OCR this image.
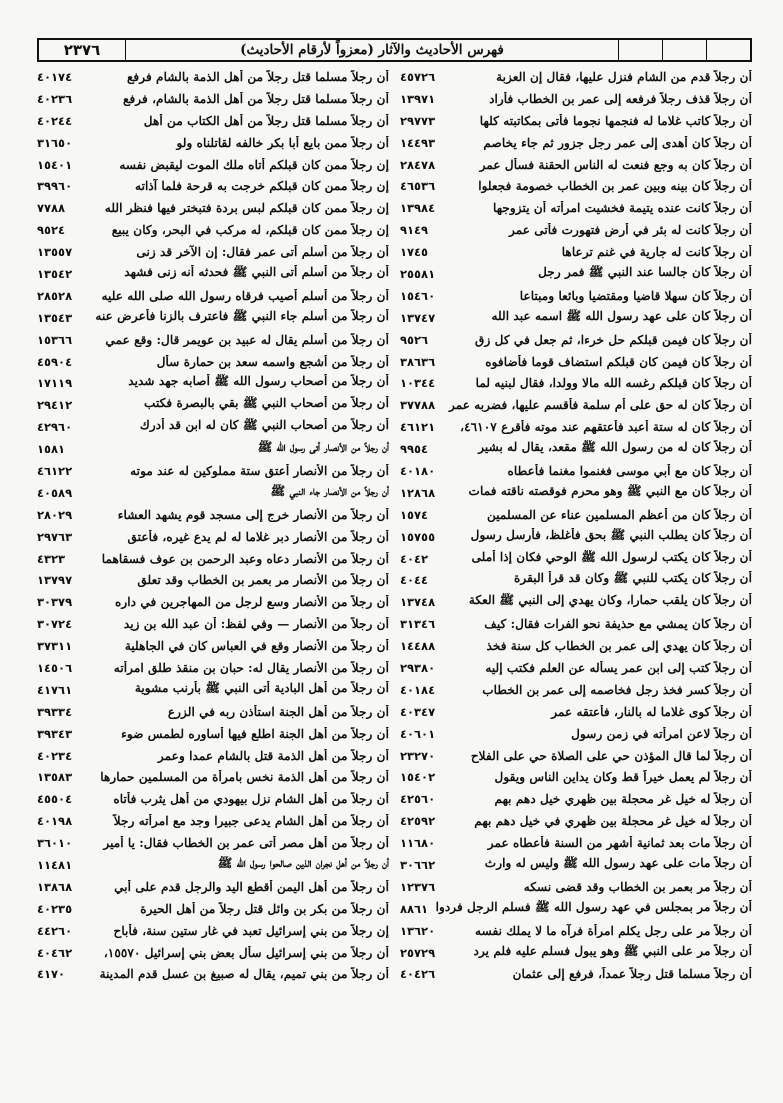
٢٣٧٦	فهرس الأحاديث والآثار (معزواً لأرقام الأحاديث)
أن رجلاً قدم من الشام فنزل عليها، فقال إن العزبة
٤٥٧٢٦
أن رجلاً قذف رجلاً فرفعه إلى عمر بن الخطاب فأراد
١٣٩٧١
أن رجلاً كاتب غلاما له فنجمها نجوما فأتى بمكاتبته كلها
٢٩٧٧٣
أن رجلاً كان أهدى إلى عمر رجل جزور ثم جاء يخاصم
١٤٤٩٣
أن رجلاً كان به وجع فنعت له الناس الحقنة فسأل عمر
٢٨٤٧٨
أن رجلاً كان بينه وبين عمر بن الخطاب خصومة فجعلوا
٤٦٥٣٦
أن رجلاً كانت عنده يتيمة فخشيت امرأته أن يتزوجها
١٣٩٨٤
أن رجلاً كانت له بئر في أرض فتهورت فأتى عمر
٩١٤٩
أن رجلاً كانت له جارية في غنم ترعاها
١٧٤٥
أن رجلاً كان جالسا عند النبي ﷺ فمر رجل
٢٥٥٨١
أن رجلاً كان سهلا قاضيا ومقتضيا وبائعا ومبتاعا
١٥٤٦٠
أن رجلاً كان على عهد رسول الله ﷺ اسمه عبد الله
١٣٧٤٧
أن رجلاً كان فيمن قبلكم حل خرءا، ثم جعل في كل زق
٩٥٢٦
أن رجلاً كان فيمن كان قبلكم استضاف قوما فأضافوه
٣٨٦٣٦
أن رجلاً كان قبلكم رغسه الله مالا وولدا، فقال لبنيه لما
١٠٣٤٤
أن رجلاً كان له حق على أم سلمة فأقسم عليها، فضربه عمر
٣٧٧٨٨
أن رجلاً كان له ستة أعبد فأعتقهم عند موته فأقرع ٤٦١٠٧،
٤٦١٢١
أن رجلاً كان له من رسول الله ﷺ مقعد، يقال له بشير
٩٩٥٤
أن رجلاً كان مع أبي موسى فغنموا مغنما فأعطاه
٤٠١٨٠
أن رجلاً كان مع النبي ﷺ وهو محرم فوقصته ناقته فمات
١٢٨٦٨
أن رجلاً كان من أعظم المسلمين عناء عن المسلمين
١٥٧٤
أن رجلاً كان يطلب النبي ﷺ بحق فأغلظ، فأرسل رسول
١٥٧٥٥
أن رجلاً كان يكتب لرسول الله ﷺ الوحي فكان إذا أملى
٤٠٤٢
أن رجلاً كان يكتب للنبي ﷺ وكان قد قرأ البقرة
٤٠٤٤
أن رجلاً كان يلقب حمارا، وكان يهدي إلى النبي ﷺ العكة
١٣٧٤٨
أن رجلاً كان يمشي مع حذيفة نحو الفرات فقال: كيف
٣١٣٤٦
أن رجلاً كان يهدي إلى عمر بن الخطاب كل سنة فخذ
١٤٤٨٨
أن رجلاً كتب إلى ابن عمر يسأله عن العلم فكتب إليه
٢٩٣٨٠
أن رجلاً كسر فخذ رجل فخاصمه إلى عمر بن الخطاب
٤٠١٨٤
أن رجلاً كوى غلاما له بالنار، فأعتقه عمر
٤٠٣٤٧
أن رجلاً لاعن امرأته في زمن رسول
٤٠٦٠١
أن رجلاً لما قال المؤذن حي على الصلاة حي على الفلاح
٢٣٢٧٠
أن رجلاً لم يعمل خيراً قط وكان يداين الناس ويقول
١٥٤٠٢
أن رجلاً له خيل غر محجلة بين ظهري خيل دهم بهم
٤٢٥٦٠
أن رجلاً له خيل غر محجلة بين ظهري في خيل دهم بهم
٤٢٥٩٢
أن رجلاً مات بعد ثمانية أشهر من السنة فأعطاه عمر
١١٦٨٠
أن رجلاً مات على عهد رسول الله ﷺ وليس له وارث
٣٠٦٦٢
أن رجلاً مر بعمر بن الخطاب وقد قضى نسكه
١٢٣٧٦
أن رجلاً مر بمجلس في عهد رسول الله ﷺ فسلم الرجل فردوا
٨٨٦١
أن رجلاً مر على رجل يكلم امرأة فرآه ما لا يملك نفسه
١٣٦٢٠
أن رجلاً مر على النبي ﷺ وهو يبول فسلم عليه فلم يرد
٢٥٧٢٩
أن رجلاً مسلما قتل رجلاً عمداً، فرفع إلى عثمان
٤٠٤٢٦
أن رجلاً مسلما قتل رجلاً من أهل الذمة بالشام فرفع
٤٠١٧٤
أن رجلاً مسلما قتل رجلاً من أهل الذمة بالشام، فرفع
٤٠٢٣٦
أن رجلاً مسلما قتل رجلاً من أهل الكتاب من أهل
٤٠٢٤٤
أن رجلاً ممن بايع أبا بكر خالفه لقاتلناه ولو
٣١٦٥٠
إن رجلاً ممن كان قبلكم أتاه ملك الموت ليقبض نفسه
١٥٤٠١
إن رجلاً ممن كان قبلكم خرجت به قرحة فلما آذاته
٣٩٩٦٠
إن رجلاً ممن كان قبلكم لبس بردة فتبختر فيها فنظر الله
٧٧٨٨
إن رجلاً ممن كان قبلكم، له مركب في البحر، وكان يبيع
٩٥٢٤
أن رجلاً من أسلم أتى عمر فقال: إن الآخر قد زنى
١٣٥٥٧
أن رجلاً من أسلم أتى النبي ﷺ فحدثه أنه زنى فشهد
١٣٥٤٢
أن رجلاً من أسلم أصيب فرقاه رسول الله صلى الله عليه
٢٨٥٢٨
أن رجلاً من أسلم جاء النبي ﷺ فاعترف بالزنا فأعرض عنه
١٣٥٤٣
أن رجلاً من أسلم يقال له عبيد بن عويمر قال: وقع عمي
١٥٣٦٦
أن رجلاً من أشجع واسمه سعد بن حمارة سأل
٤٥٩٠٤
أن رجلاً من أصحاب رسول الله ﷺ أصابه جهد شديد
١٧١١٩
أن رجلاً من أصحاب النبي ﷺ بقي بالبصرة فكتب
٢٩٤١٢
أن رجلاً من أصحاب النبي ﷺ كان له ابن قد أدرك
٤٢٩٦٠
أن رجلاً من الأنصار أتى رسول الله ﷺ
١٥٨١
أن رجلاً من الأنصار أعتق ستة مملوكين له عند موته
٤٦١٢٢
أن رجلاً من الأنصار جاء النبي ﷺ
٤٠٥٨٩
أن رجلاً من الأنصار خرج إلى مسجد قوم يشهد العشاء
٢٨٠٢٩
أن رجلاً من الأنصار دبر غلاما له لم يدع غيره، فأعتق
٢٩٧٦٣
أن رجلاً من الأنصار دعاه وعبد الرحمن بن عوف فسقاهما
٤٣٢٣
أن رجلاً من الأنصار مر بعمر بن الخطاب وقد تعلق
١٣٧٩٧
أن رجلاً من الأنصار وسع لرجل من المهاجرين في داره
٣٠٣٧٩
أن رجلاً من الأنصار — وفي لفظ: أن عبد الله بن زيد
٣٠٧٢٤
أن رجلاً من الأنصار وقع في العباس كان في الجاهلية
٣٧٣١١
أن رجلاً من الأنصار يقال له: حبان بن منقذ طلق امرأته
١٤٥٠٦
أن رجلاً من أهل البادية أتى النبي ﷺ بأرنب مشوية
٤١٧٦١
أن رجلاً من أهل الجنة استأذن ربه في الزرع
٣٩٣٣٤
أن رجلاً من أهل الجنة اطلع فيها أساوره لطمس ضوء
٣٩٣٤٣
أن رجلاً من أهل الذمة قتل بالشام عمدا وعمر
٤٠٢٣٤
أن رجلاً من أهل الذمة نخس بامرأة من المسلمين حمارها
١٣٥٨٣
أن رجلاً من أهل الشام نزل بيهودي من أهل يثرب فأتاه
٤٥٥٠٤
أن رجلاً من أهل الشام يدعى جبيرا وجد مع امرأته رجلاً
٤٠١٩٨
أن رجلاً من أهل مصر أتى عمر بن الخطاب فقال: يا أمير
٣٦٠١٠
أن رجلاً من أهل نجران الذين صالحوا رسول الله ﷺ
١١٤٨١
أن رجلاً من أهل اليمن أقطع اليد والرجل قدم على أبي
١٣٨٦٨
أن رجلاً من بكر بن وائل قتل رجلاً من أهل الحيرة
٤٠٢٣٥
إن رجلاً من بني إسرائيل تعبد في غار ستين سنة، فأباح
٤٤٢٦٠
أن رجلاً من بني إسرائيل سأل بعض بني إسرائيل ١٥٥٧٠،
٤٠٤٦٢
أن رجلاً من بني تميم، يقال له صبيغ بن عسل قدم المدينة
٤١٧٠
